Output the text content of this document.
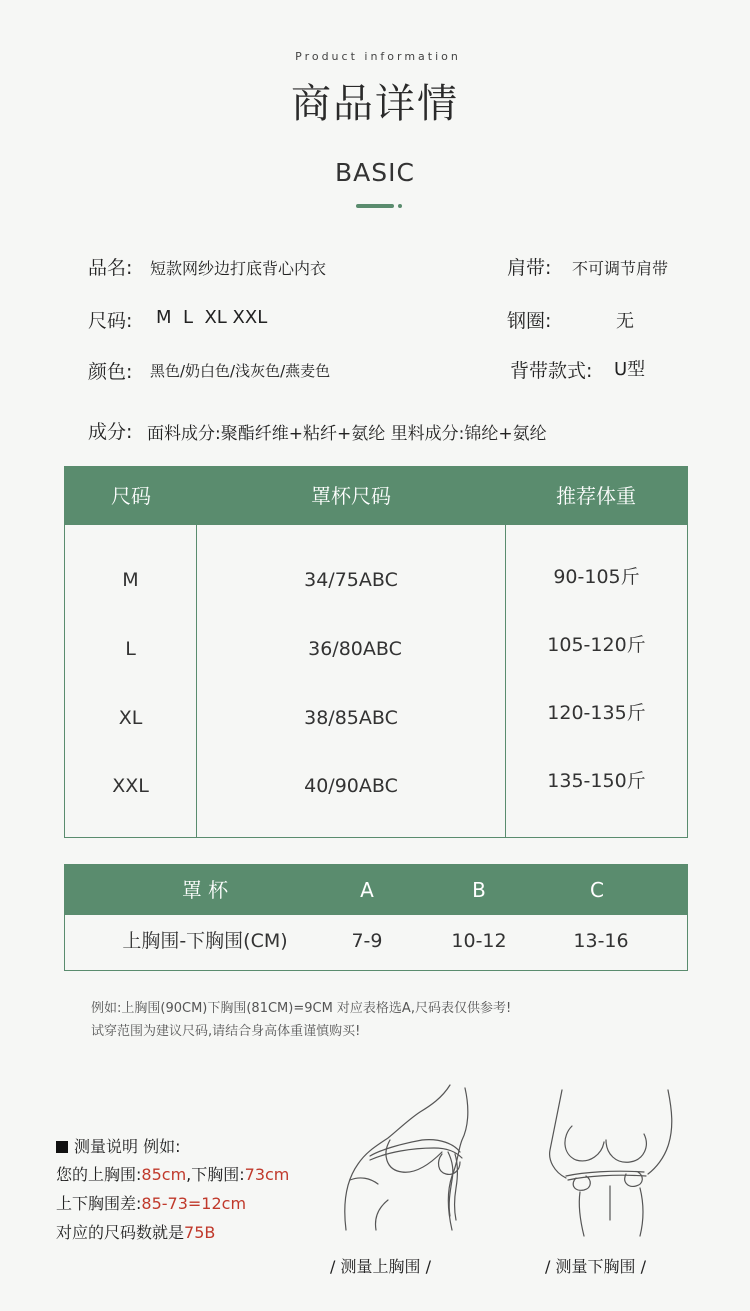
Product information
商品详情
BASIC
品名: 短款网纱边打底背心内衣	肩带: 不可调节肩带
尺码: M  L  XL XXL	钢圈:	无
颜色: 黑色/奶白色/浅灰色/燕麦色	背带款式: U型
成分: 面料成分:聚酯纤维+粘纤+氨纶 里料成分:锦纶+氨纶
尺码	罩杯尺码	推荐体重
M	34/75ABC	90-105斤
L	36/80ABC	105-120斤
XL	38/85ABC	120-135斤
XXL	40/90ABC	135-150斤
罩 杯	A	B	C
上胸围-下胸围(CM)	7-9	10-12	13-16
例如:上胸围(90CM)下胸围(81CM)=9CM 对应表格选A,尺码表仅供参考!
试穿范围为建议尺码,请结合身高体重谨慎购买!
测量说明 例如:
您的上胸围:85cm,下胸围:73cm
上下胸围差:85-73=12cm
对应的尺码数就是75B
/ 测量上胸围 /	/ 测量下胸围 /
